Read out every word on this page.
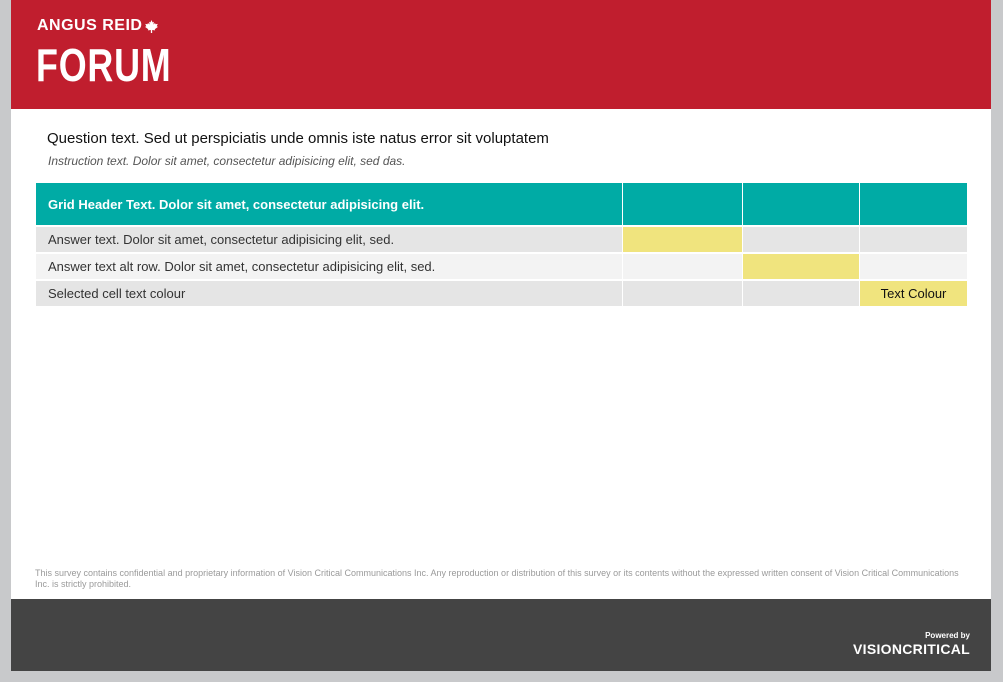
ANGUS REID
FORUM
Question text. Sed ut perspiciatis unde omnis iste natus error sit voluptatem
Instruction text. Dolor sit amet, consectetur adipisicing elit, sed das.
Grid Header Text. Dolor sit amet, consectetur adipisicing elit.
Answer text. Dolor sit amet, consectetur adipisicing elit, sed.
Answer text alt row. Dolor sit amet, consectetur adipisicing elit, sed.
Selected cell text colour	Text Colour
This survey contains confidential and proprietary information of Vision Critical Communications Inc. Any reproduction or distribution of this survey or its contents without the expressed written consent of Vision Critical Communications Inc. is strictly prohibited.
Powered by
VISIONCRITICAL
